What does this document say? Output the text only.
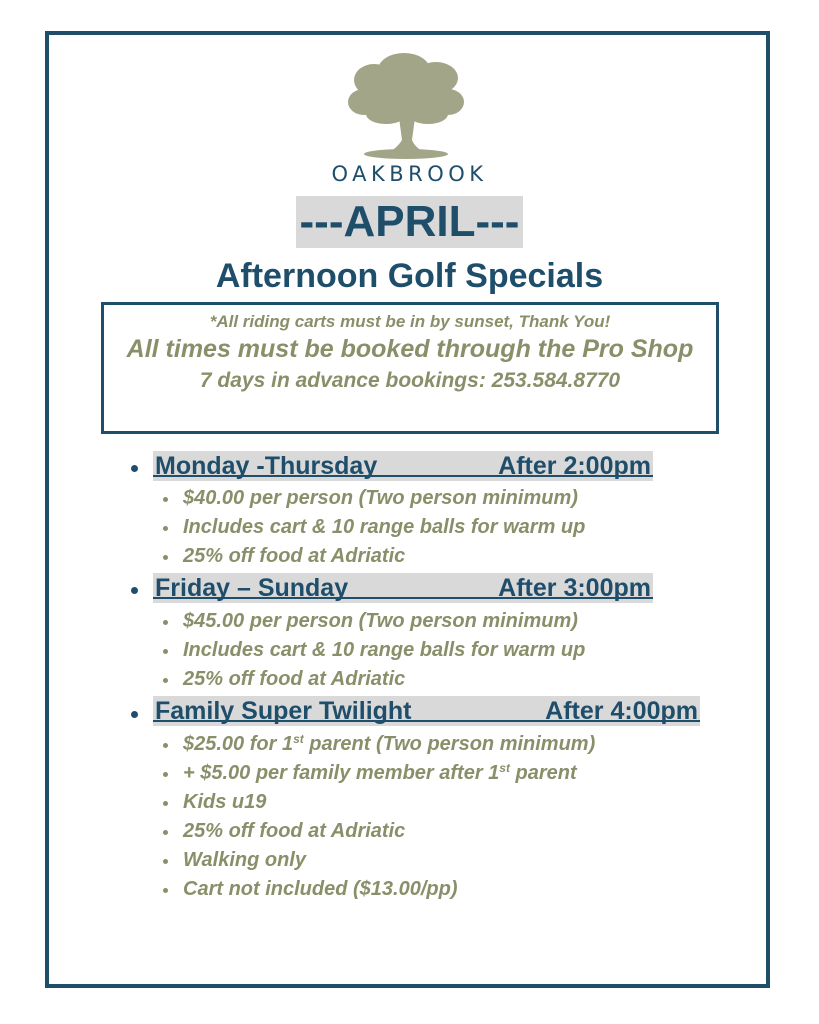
OAKBROOK
---APRIL---
Afternoon Golf Specials
*All riding carts must be in by sunset, Thank You!
All times must be booked through the Pro Shop
7 days in advance bookings: 253.584.8770
Monday -Thursday	After 2:00pm
$40.00 per person (Two person minimum)
Includes cart & 10 range balls for warm up
25% off food at Adriatic
Friday – Sunday	After 3:00pm
$45.00 per person (Two person minimum)
Includes cart & 10 range balls for warm up
25% off food at Adriatic
Family Super Twilight	After 4:00pm
$25.00 for 1st parent (Two person minimum)
+ $5.00 per family member after 1st parent
Kids u19
25% off food at Adriatic
Walking only
Cart not included ($13.00/pp)
